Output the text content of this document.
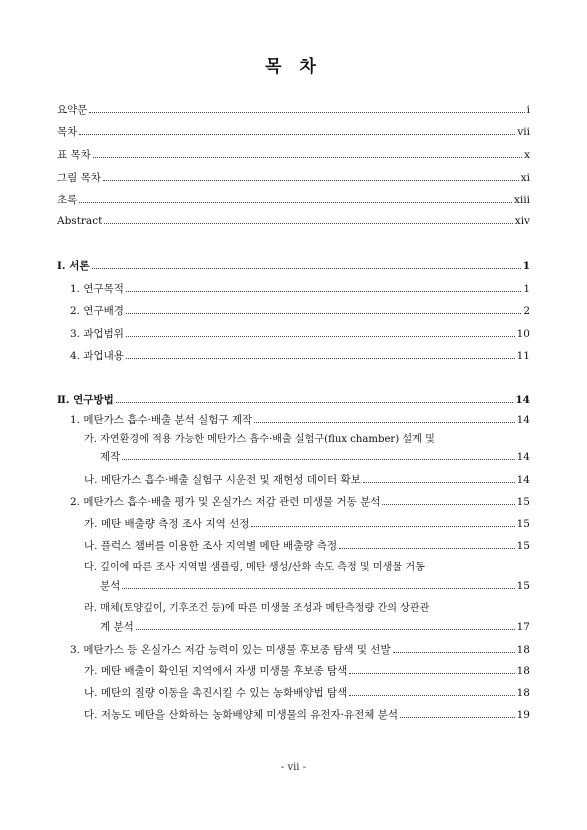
목 차
요약문	i
목차	vii
표 목차	x
그림 목차	xi
초록	xiii
Abstract	xiv
Ⅰ. 서론	1
1. 연구목적	1
2. 연구배경	2
3. 과업범위	10
4. 과업내용	11
Ⅱ. 연구방법	14
1. 메탄가스 흡수·배출 분석 실험구 제작	14
가. 자연환경에 적용 가능한 메탄가스 흡수·배출 실험구(flux chamber) 설계 및
제작	14
나. 메탄가스 흡수·배출 실험구 시운전 및 재현성 데이터 확보	14
2. 메탄가스 흡수·배출 평가 및 온실가스 저감 관련 미생물 거동 분석	15
가. 메탄 배출량 측정 조사 지역 선정	15
나. 플럭스 챔버를 이용한 조사 지역별 메탄 배출량 측정	15
다. 깊이에 따른 조사 지역별 샘플링, 메탄 생성/산화 속도 측정 및 미생물 거동
분석	15
라. 매체(토양깊이, 기후조건 등)에 따른 미생물 조성과 메탄측정량 간의 상관관
계 분석	17
3. 메탄가스 등 온실가스 저감 능력이 있는 미생물 후보종 탐색 및 선발	18
가. 메탄 배출이 확인된 지역에서 자생 미생물 후보종 탐색	18
나. 메탄의 질량 이동을 촉진시킬 수 있는 농화배양법 탐색	18
다. 저농도 메탄을 산화하는 농화배양체 미생물의 유전자·유전체 분석	19
- vii -
